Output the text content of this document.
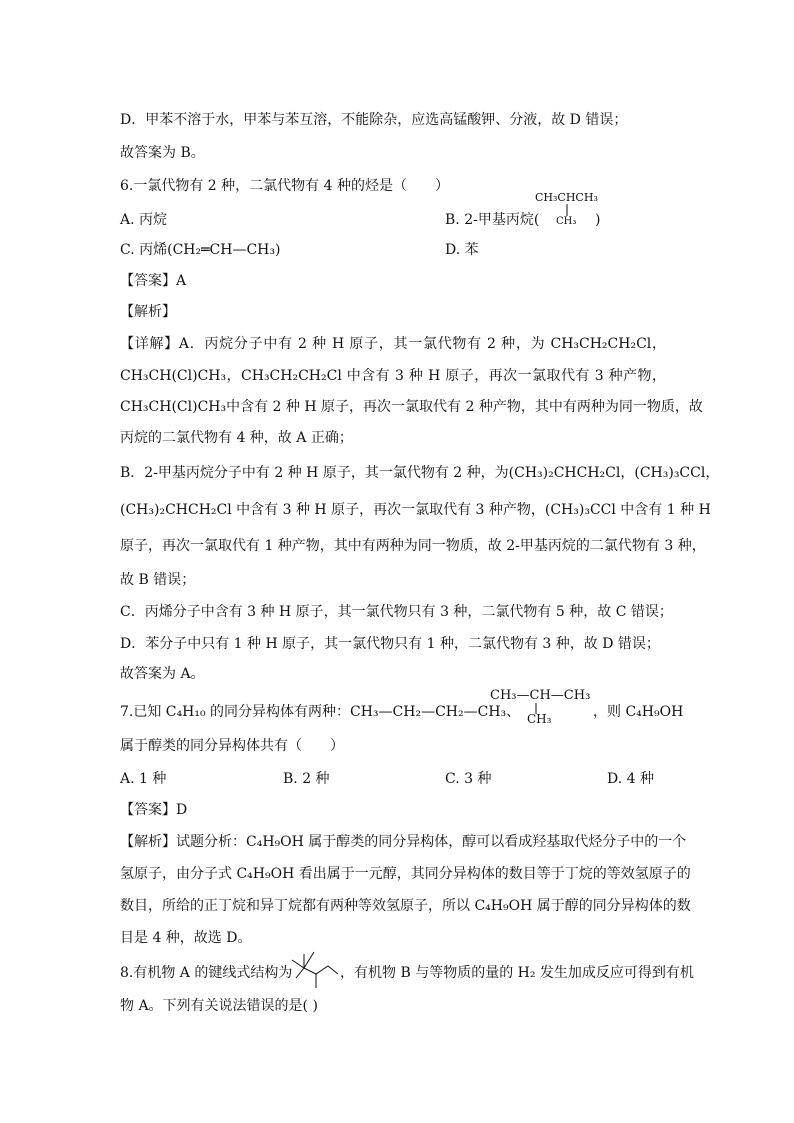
D．甲苯不溶于水，甲苯与苯互溶，不能除杂，应选高锰酸钾、分液，故 D 错误；
故答案为 B。
6.一氯代物有 2 种，二氯代物有 4 种的烃是（　　）
A. 丙烷	B. 2-甲基丙烷(
CH₃CHCH₃
CH₃ )
C. 丙烯(CH₂═CH—CH₃)	D. 苯
【答案】A
【解析】
【详解】A．丙烷分子中有 2 种 H 原子，其一氯代物有 2 种，为 CH₃CH₂CH₂Cl，
CH₃CH(Cl)CH₃，CH₃CH₂CH₂Cl 中含有 3 种 H 原子，再次一氯取代有 3 种产物，
CH₃CH(Cl)CH₃中含有 2 种 H 原子，再次一氯取代有 2 种产物，其中有两种为同一物质，故
丙烷的二氯代物有 4 种，故 A 正确；
B．2-甲基丙烷分子中有 2 种 H 原子，其一氯代物有 2 种，为(CH₃)₂CHCH₂Cl，(CH₃)₃CCl，
(CH₃)₂CHCH₂Cl 中含有 3 种 H 原子，再次一氯取代有 3 种产物，(CH₃)₃CCl 中含有 1 种 H
原子，再次一氯取代有 1 种产物，其中有两种为同一物质，故 2-甲基丙烷的二氯代物有 3 种，
故 B 错误；
C．丙烯分子中含有 3 种 H 原子，其一氯代物只有 3 种，二氯代物有 5 种，故 C 错误；
D．苯分子中只有 1 种 H 原子，其一氯代物只有 1 种，二氯代物有 3 种，故 D 错误；
故答案为 A。
7.已知 C₄H₁₀ 的同分异构体有两种：CH₃—CH₂—CH₂—CH₃、
CH₃—CH—CH₃
CH₃	，则 C₄H₉OH
属于醇类的同分异构体共有（　　）
A. 1 种	B. 2 种	C. 3 种	D. 4 种
【答案】D
【解析】试题分析：C₄H₉OH 属于醇类的同分异构体，醇可以看成羟基取代烃分子中的一个
氢原子，由分子式 C₄H₉OH 看出属于一元醇，其同分异构体的数目等于丁烷的等效氢原子的
数目，所给的正丁烷和异丁烷都有两种等效氢原子，所以 C₄H₉OH 属于醇的同分异构体的数
目是 4 种，故选 D。
8.有机物 A 的键线式结构为	，有机物 B 与等物质的量的 H₂ 发生加成反应可得到有机
物 A。下列有关说法错误的是( )
